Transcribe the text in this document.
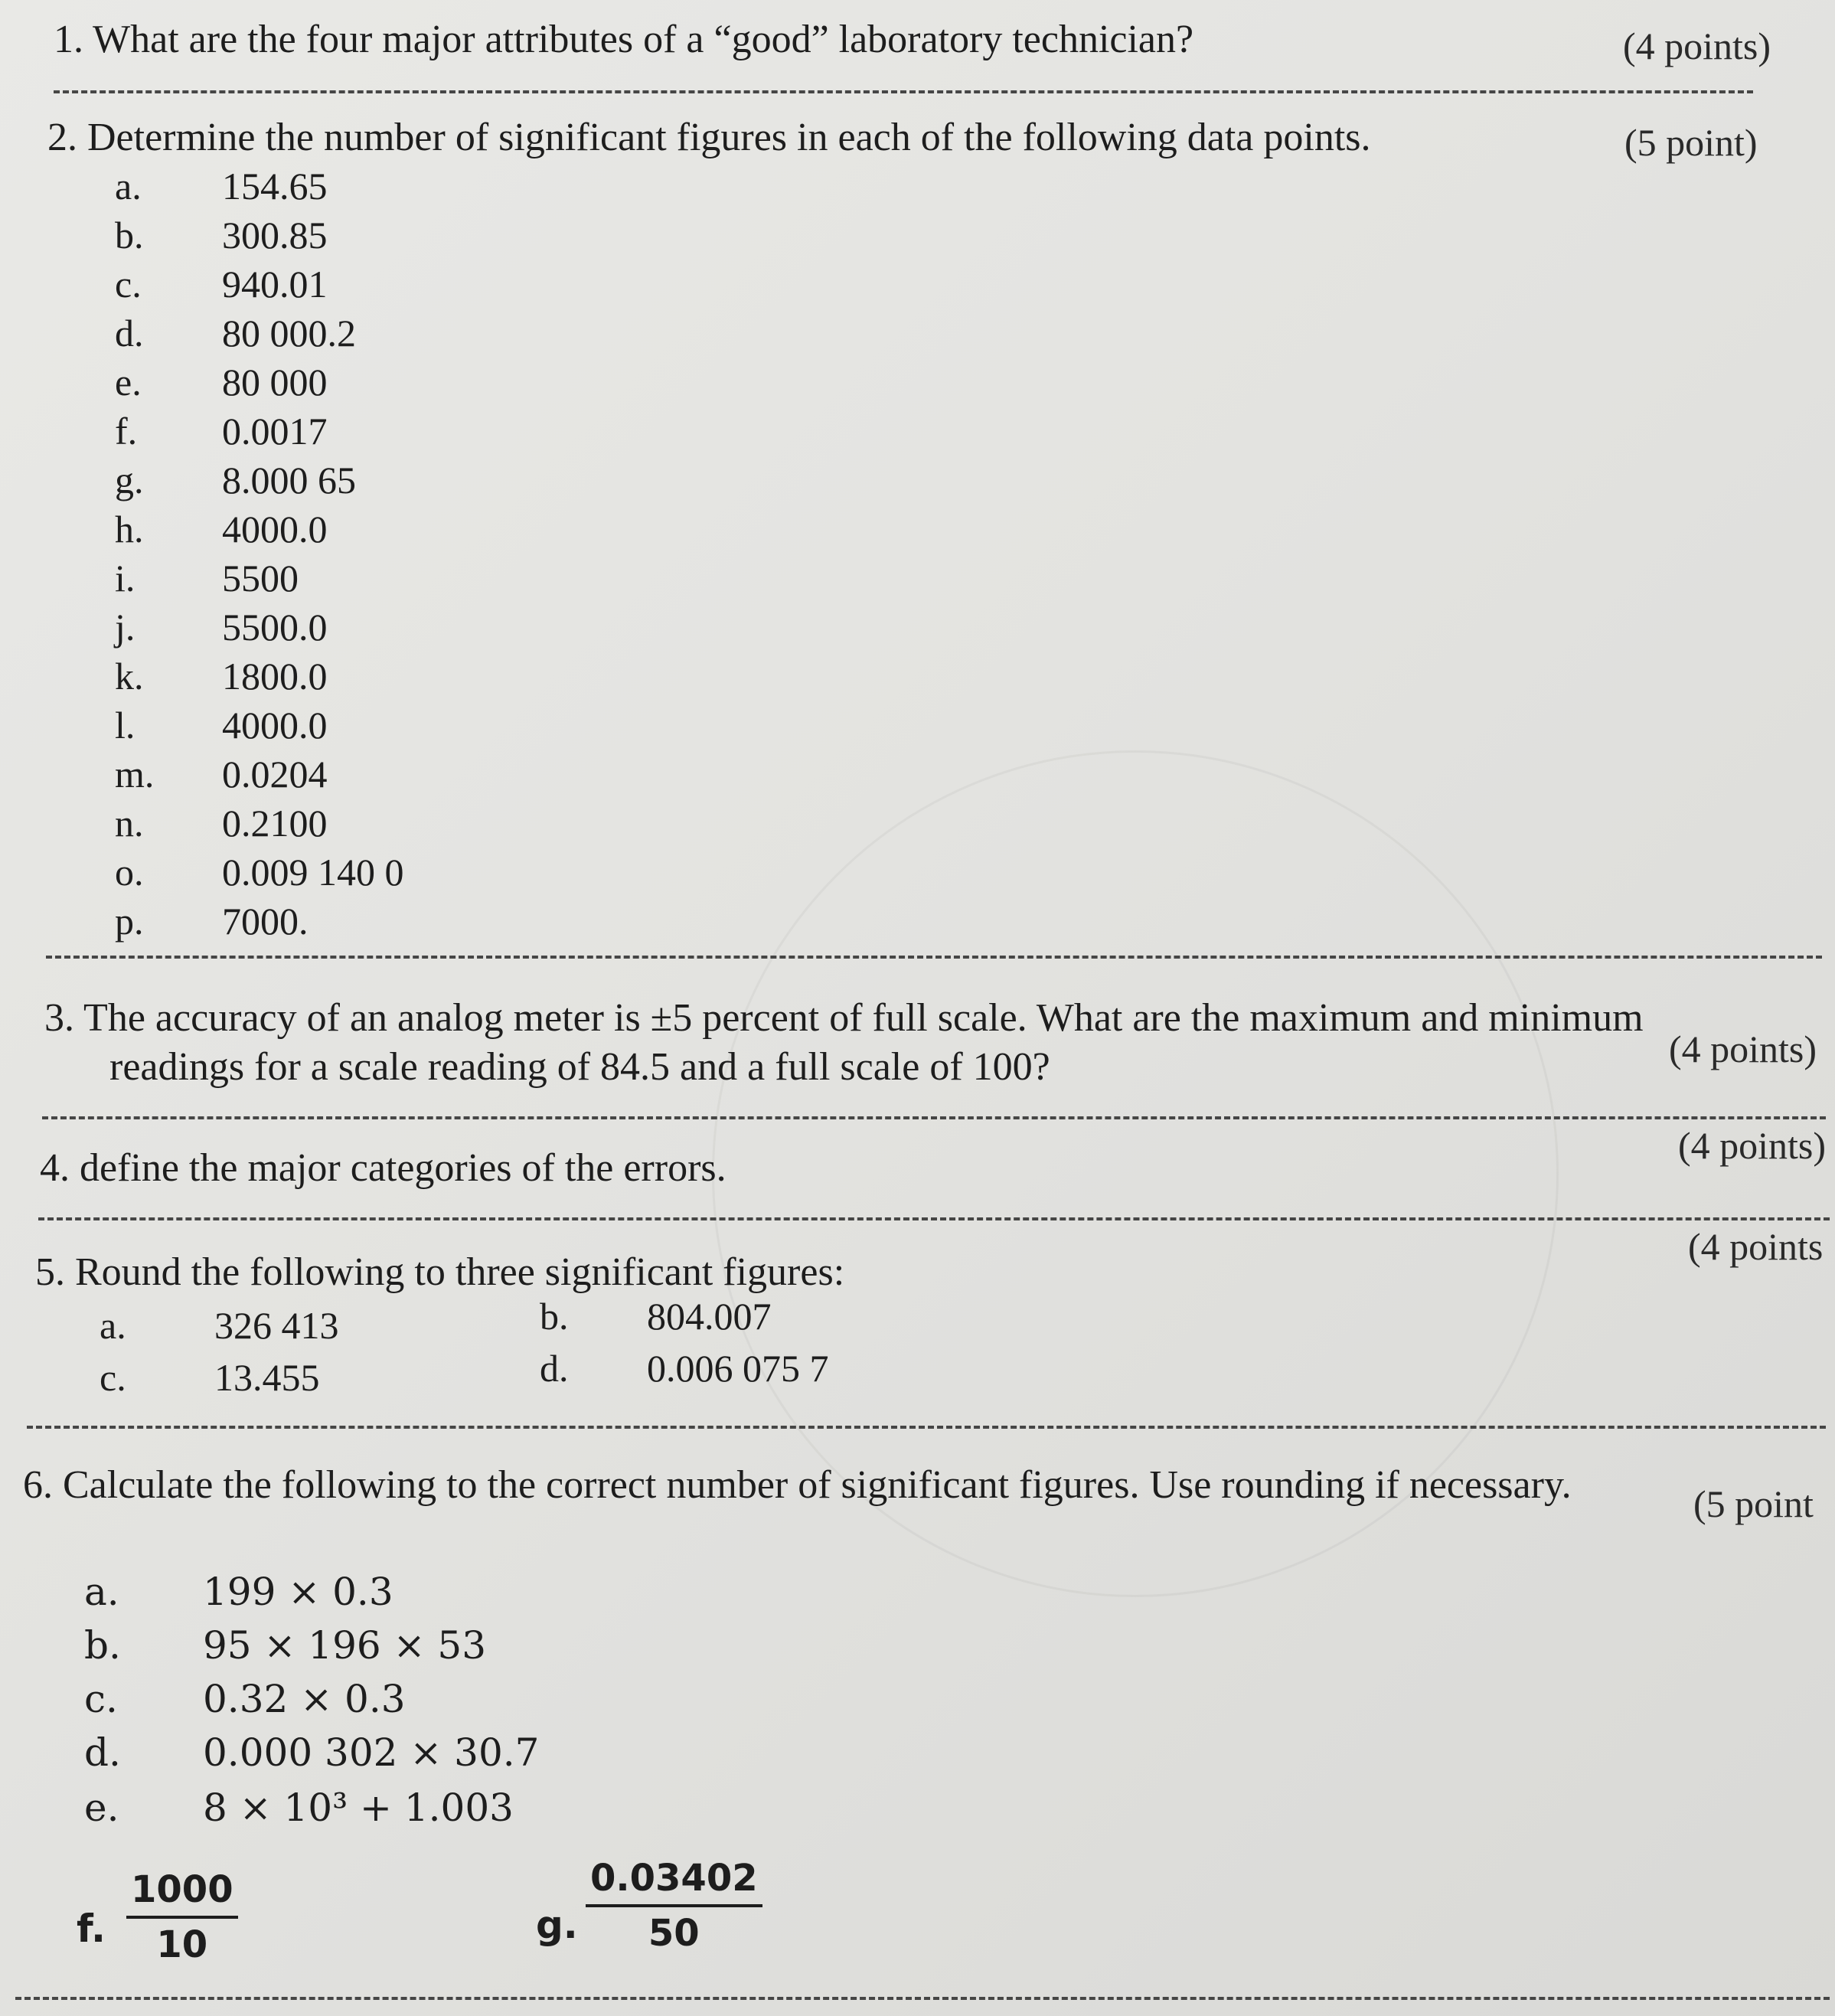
1. What are the four major attributes of a “good” laboratory technician?	(4 points)
2. Determine the number of significant figures in each of the following data points.	(5 point)
a. 154.65
b. 300.85
c. 940.01
d. 80 000.2
e. 80 000
f. 0.0017
g. 8.000 65
h. 4000.0
i. 5500
j. 5500.0
k. 1800.0
l. 4000.0
m. 0.0204
n. 0.2100
o. 0.009 140 0
p. 7000.
3. The accuracy of an analog meter is ±5 percent of full scale. What are the maximum and minimum
readings for a scale reading of 84.5 and a full scale of 100?	(4 points)
4. define the major categories of the errors.
(4 points)
5. Round the following to three significant figures:
(4 points
a. 326 413	b. 804.007
c. 13.455	d. 0.006 075 7
6. Calculate the following to the correct number of significant figures. Use rounding if necessary.	(5 point
a. 199 × 0.3
b. 95 × 196 × 53
c. 0.32 × 0.3
d. 0.000 302 × 30.7
e. 8 × 10³ + 1.003
f. $\frac{1000}{10}$	g. $\frac{0.03402}{50}$
